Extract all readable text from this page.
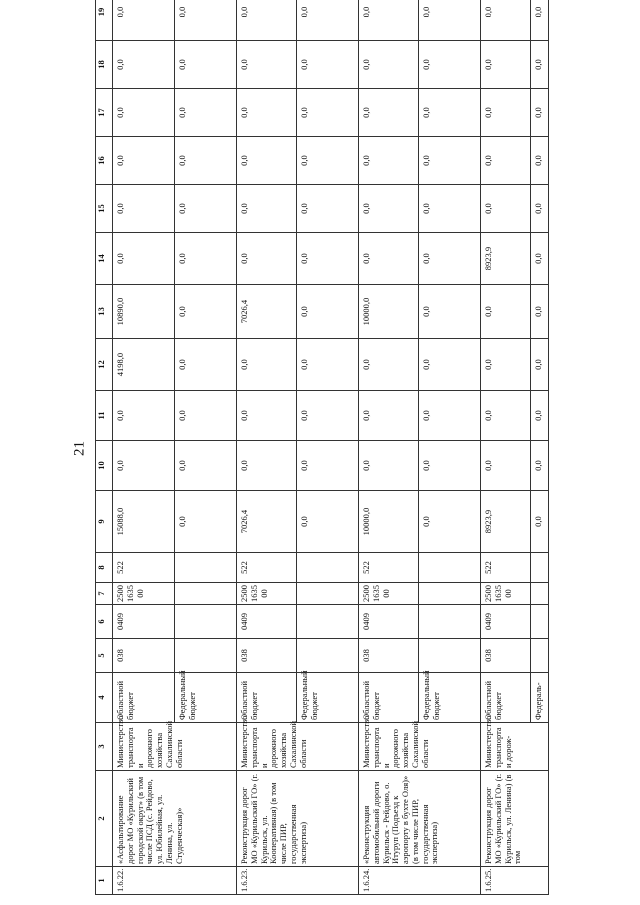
21
1	2	3	4	5	6	7	8	9	10	11	12	13	14	15	16	17	18	19
1.6.22.	«Асфальтирование дорог МО «Курильский городской округ» (в том числе ПСД (с. Рейдово, ул. Юбилейная, ул. Ленина, ул. Студенческая)»	Министерство транспорта и дорожного хозяйства Сахалинской области	Областной бюджет	038	0409	2500163500	522	15088,0	0,0	0,0	4198,0	10890,0	0,0	0,0	0,0	0,0	0,0	0,0
			Федеральный бюджет					0,0	0,0	0,0	0,0	0,0	0,0	0,0	0,0	0,0	0,0	0,0
1.6.23.	Реконструкция дорог МО «Курильский ГО» (г. Курильск, ул. Кооперативная) (в том числе ПИР, государственная экспертиза)	Министерство транспорта и дорожного хозяйства Сахалинской области	Областной бюджет	038	0409	2500163500	522	7026,4	0,0	0,0	0,0	7026,4	0,0	0,0	0,0	0,0	0,0	0,0
			Федеральный бюджет					0,0	0,0	0,0	0,0	0,0	0,0	0,0	0,0	0,0	0,0	0,0
1.6.24.	«Реконструкция автомобильной дороги Курильск - Рейдово, о. Итуруп (Подъезд к аэропорту в бухте Оля)» (в том числе ПИР, государственная экспертиза)	Министерство транспорта и дорожного хозяйства Сахалинской области	Областной бюджет	038	0409	2500163500	522	10000,0	0,0	0,0	0,0	10000,0	0,0	0,0	0,0	0,0	0,0	0,0
			Федеральный бюджет					0,0	0,0	0,0	0,0	0,0	0,0	0,0	0,0	0,0	0,0	0,0
1.6.25.	Реконструкция дорог МО «Курильский ГО» (г. Курильск, ул. Ленина) (в том	Министерство транспорта и дорож-	Областной бюджет	038	0409	2500163500	522	8923,9	0,0	0,0	0,0	0,0	8923,9	0,0	0,0	0,0	0,0	0,0
			Федераль-					0,0	0,0	0,0	0,0	0,0	0,0	0,0	0,0	0,0	0,0	0,0
